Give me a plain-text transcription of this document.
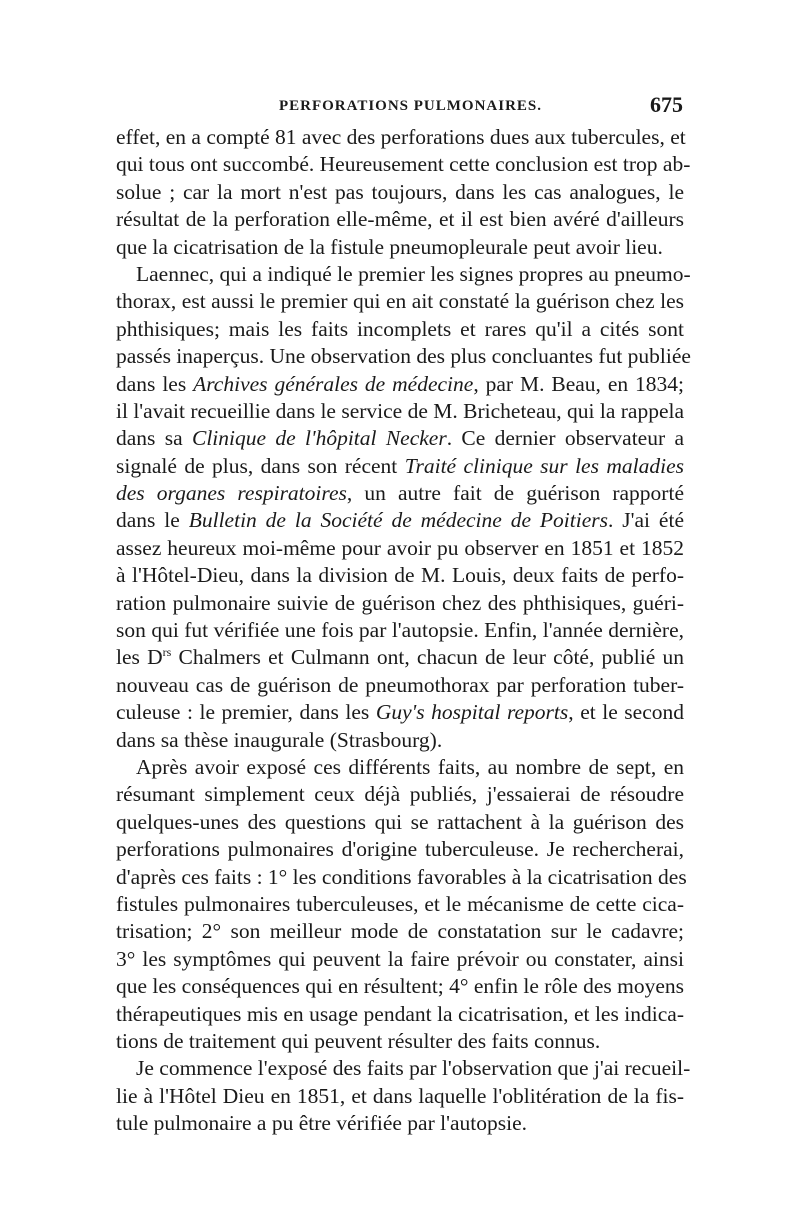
PERFORATIONS PULMONAIRES.	675
effet, en a compté 81 avec des perforations dues aux tubercules, et
qui tous ont succombé. Heureusement cette conclusion est trop ab-
solue ; car la mort n'est pas toujours, dans les cas analogues, le
résultat de la perforation elle-même, et il est bien avéré d'ailleurs
que la cicatrisation de la fistule pneumopleurale peut avoir lieu.
Laennec, qui a indiqué le premier les signes propres au pneumo-
thorax, est aussi le premier qui en ait constaté la guérison chez les
phthisiques; mais les faits incomplets et rares qu'il a cités sont
passés inaperçus. Une observation des plus concluantes fut publiée
dans les Archives générales de médecine, par M. Beau, en 1834;
il l'avait recueillie dans le service de M. Bricheteau, qui la rappela
dans sa Clinique de l'hôpital Necker. Ce dernier observateur a
signalé de plus, dans son récent Traité clinique sur les maladies
des organes respiratoires, un autre fait de guérison rapporté
dans le Bulletin de la Société de médecine de Poitiers. J'ai été
assez heureux moi-même pour avoir pu observer en 1851 et 1852
à l'Hôtel-Dieu, dans la division de M. Louis, deux faits de perfo-
ration pulmonaire suivie de guérison chez des phthisiques, guéri-
son qui fut vérifiée une fois par l'autopsie. Enfin, l'année dernière,
les $D^{rs}$ Chalmers et Culmann ont, chacun de leur côté, publié un
nouveau cas de guérison de pneumothorax par perforation tuber-
culeuse : le premier, dans les Guy's hospital reports, et le second
dans sa thèse inaugurale (Strasbourg).
Après avoir exposé ces différents faits, au nombre de sept, en
résumant simplement ceux déjà publiés, j'essaierai de résoudre
quelques-unes des questions qui se rattachent à la guérison des
perforations pulmonaires d'origine tuberculeuse. Je rechercherai,
d'après ces faits : 1° les conditions favorables à la cicatrisation des
fistules pulmonaires tuberculeuses, et le mécanisme de cette cica-
trisation; 2° son meilleur mode de constatation sur le cadavre;
3° les symptômes qui peuvent la faire prévoir ou constater, ainsi
que les conséquences qui en résultent; 4° enfin le rôle des moyens
thérapeutiques mis en usage pendant la cicatrisation, et les indica-
tions de traitement qui peuvent résulter des faits connus.
Je commence l'exposé des faits par l'observation que j'ai recueil-
lie à l'Hôtel Dieu en 1851, et dans laquelle l'oblitération de la fis-
tule pulmonaire a pu être vérifiée par l'autopsie.
